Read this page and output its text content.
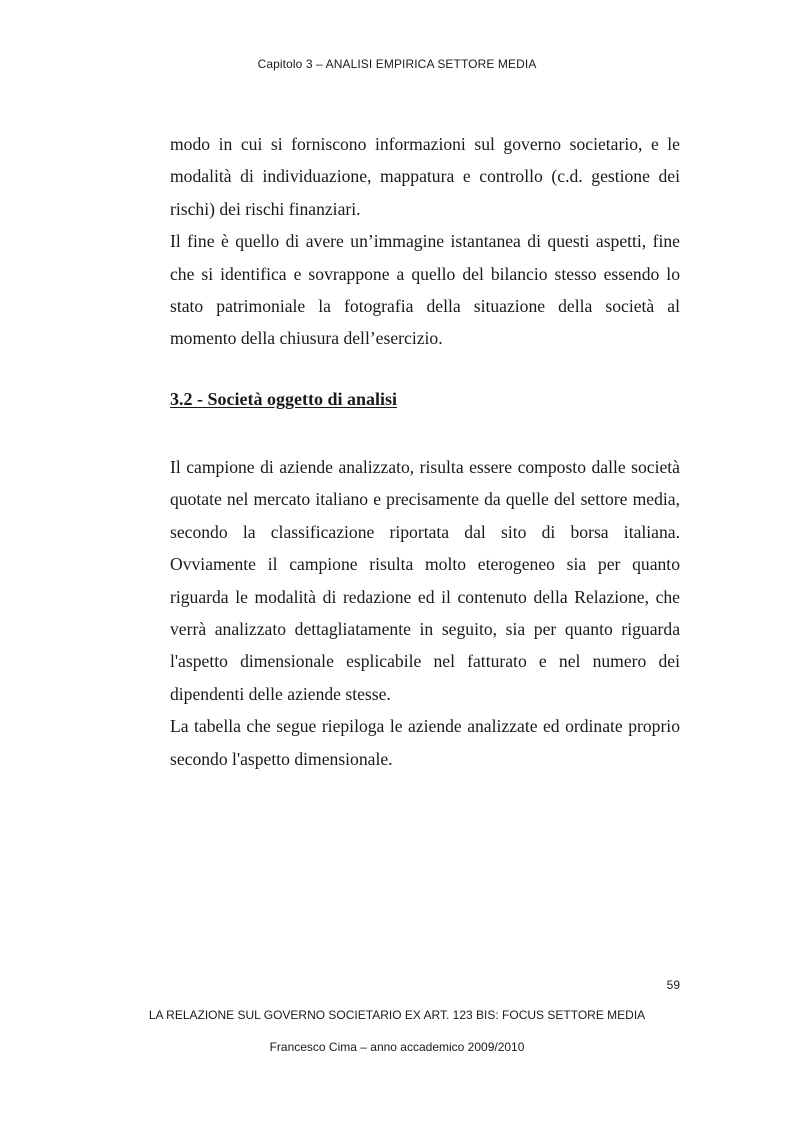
Capitolo 3 – ANALISI EMPIRICA SETTORE MEDIA

modo in cui si forniscono informazioni sul governo societario, e le modalità di individuazione, mappatura e controllo (c.d. gestione dei rischi) dei rischi finanziari.

Il fine è quello di avere un’immagine istantanea di questi aspetti, fine che si identifica e sovrappone a quello del bilancio stesso essendo lo stato patrimoniale la fotografia della situazione della società al momento della chiusura dell’esercizio.

3.2 - Società oggetto di analisi

Il campione di aziende analizzato, risulta essere composto dalle società quotate nel mercato italiano e precisamente da quelle del settore media, secondo la classificazione riportata dal sito di borsa italiana. Ovviamente il campione risulta molto eterogeneo sia per quanto riguarda le modalità di redazione ed il contenuto della Relazione, che verrà analizzato dettagliatamente in seguito, sia per quanto riguarda l'aspetto dimensionale esplicabile nel fatturato e nel numero dei dipendenti delle aziende stesse.

La tabella che segue riepiloga le aziende analizzate ed ordinate proprio secondo l'aspetto dimensionale.

59
LA RELAZIONE SUL GOVERNO SOCIETARIO EX ART. 123 BIS: FOCUS SETTORE MEDIA
Francesco Cima – anno accademico 2009/2010
